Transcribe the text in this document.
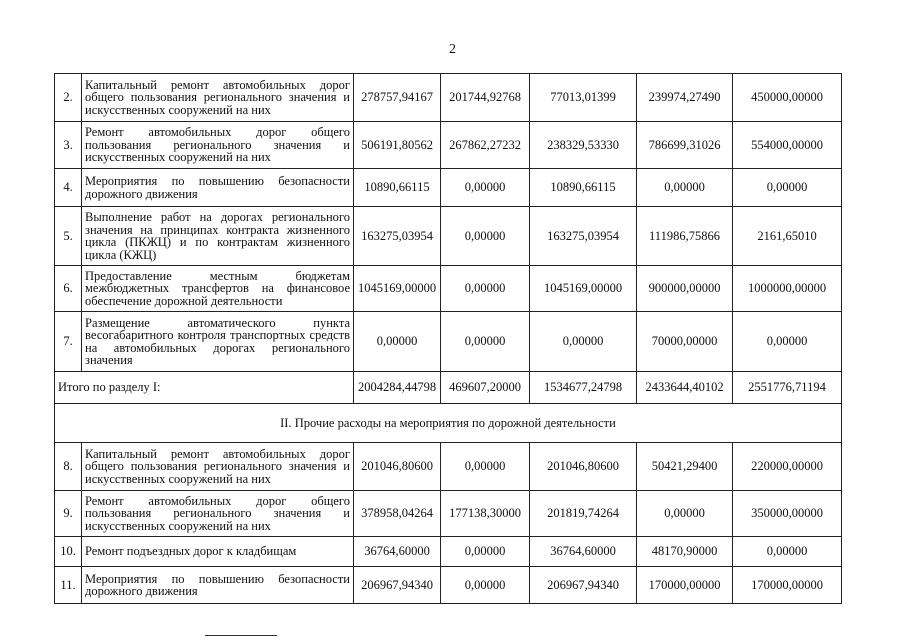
2
2.	Капитальный ремонт автомобильных дорог общего пользования регионального значения и искусственных сооружений на них	278757,94167	201744,92768	77013,01399	239974,27490	450000,00000
3.	Ремонт автомобильных дорог общего пользования регионального значения и искусственных сооружений на них	506191,80562	267862,27232	238329,53330	786699,31026	554000,00000
4.	Мероприятия по повышению безопасности дорожного движения	10890,66115	0,00000	10890,66115	0,00000	0,00000
5.	Выполнение работ на дорогах регионального значения на принципах контракта жизненного цикла (ПКЖЦ) и по контрактам жизненного цикла (КЖЦ)	163275,03954	0,00000	163275,03954	111986,75866	2161,65010
6.	Предоставление местным бюджетам межбюджетных трансфертов на финансовое обеспечение дорожной деятельности	1045169,00000	0,00000	1045169,00000	900000,00000	1000000,00000
7.	Размещение автоматического пункта весогабаритного контроля транспортных средств на автомобильных дорогах регионального значения	0,00000	0,00000	0,00000	70000,00000	0,00000
Итого по разделу I:		2004284,44798	469607,20000	1534677,24798	2433644,40102	2551776,71194
II. Прочие расходы на мероприятия по дорожной деятельности						
8.	Капитальный ремонт автомобильных дорог общего пользования регионального значения и искусственных сооружений на них	201046,80600	0,00000	201046,80600	50421,29400	220000,00000
9.	Ремонт автомобильных дорог общего пользования регионального значения и искусственных сооружений на них	378958,04264	177138,30000	201819,74264	0,00000	350000,00000
10.	Ремонт подъездных дорог к кладбищам	36764,60000	0,00000	36764,60000	48170,90000	0,00000
11.	Мероприятия по повышению безопасности дорожного движения	206967,94340	0,00000	206967,94340	170000,00000	170000,00000
